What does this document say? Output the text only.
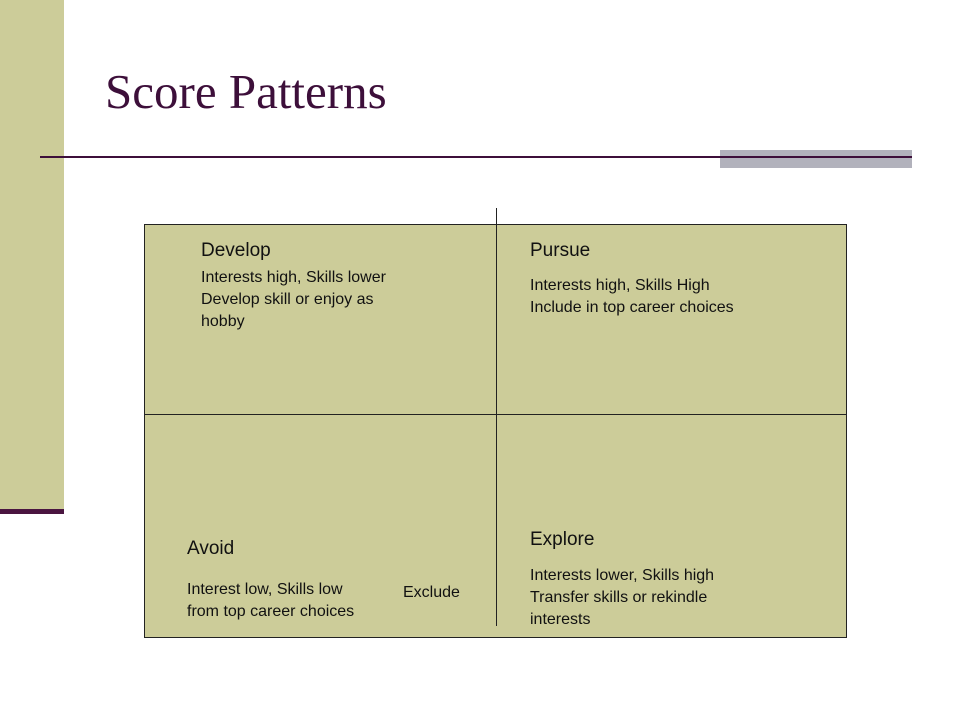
Score Patterns

Develop

Interests high, Skills lower
Develop skill or enjoy as
hobby

Pursue

Interests high, Skills High
Include in top career choices

Avoid

Interest low, Skills low
from top career choices

Exclude

Explore

Interests lower, Skills high
Transfer skills or rekindle
interests
